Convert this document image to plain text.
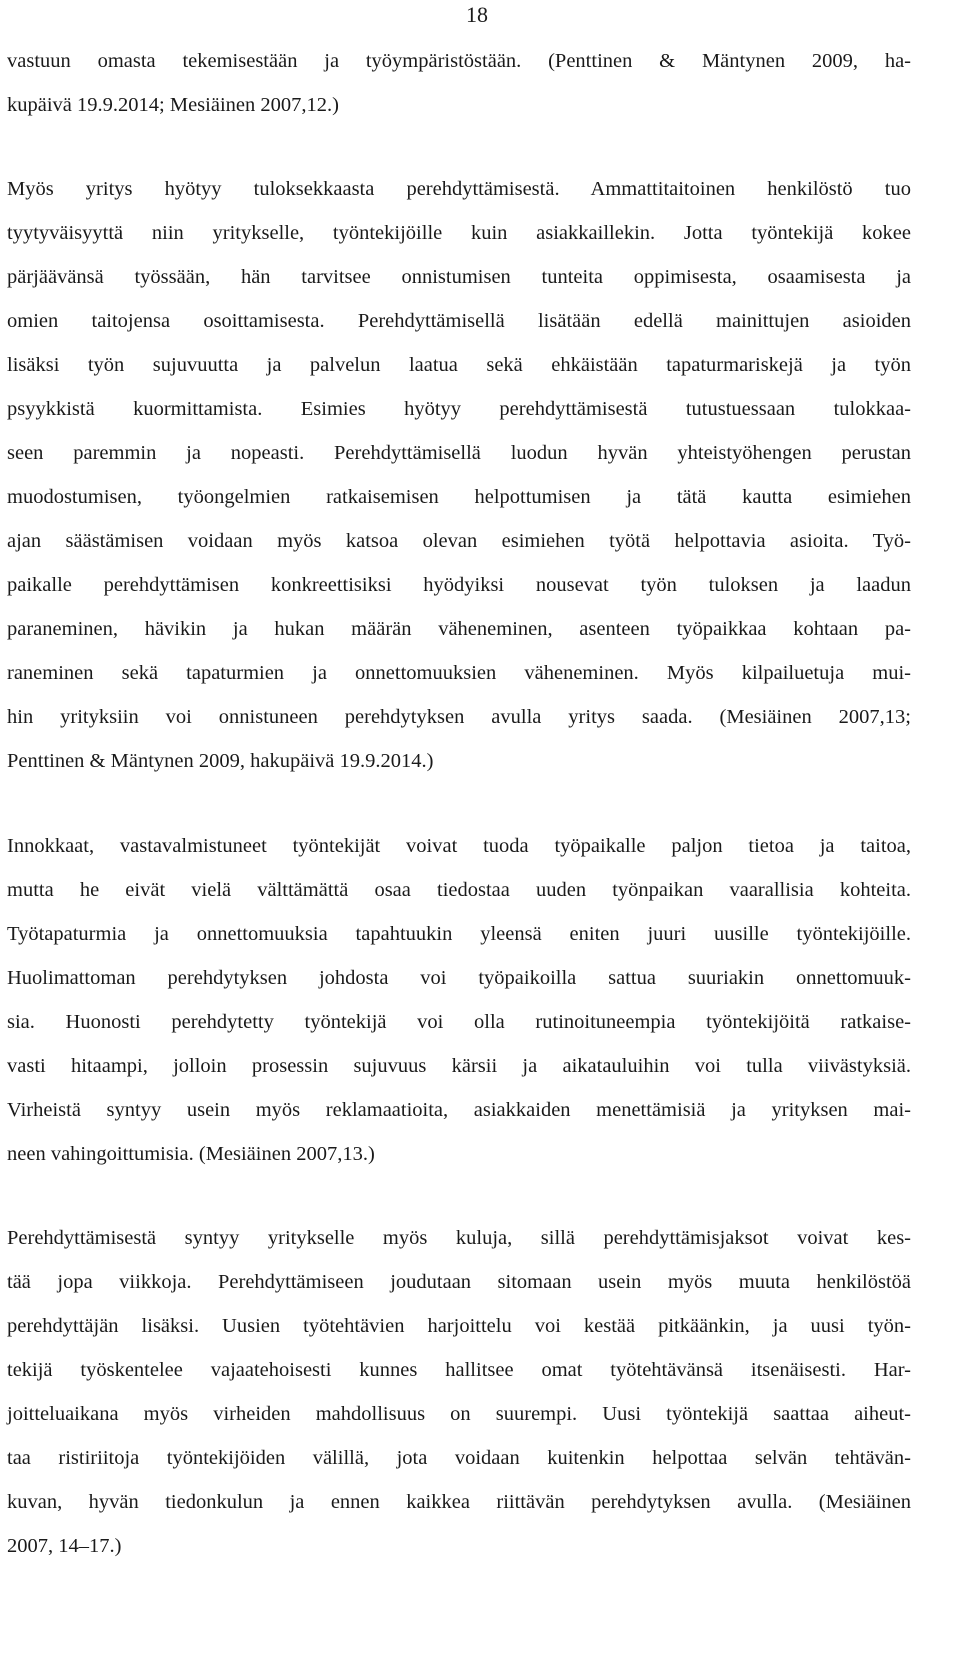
18
vastuun omasta tekemisestään ja työympäristöstään. (Penttinen & Mäntynen 2009, ha-
kupäivä 19.9.2014; Mesiäinen 2007,12.)
Myös yritys hyötyy tuloksekkaasta perehdyttämisestä. Ammattitaitoinen henkilöstö tuo
tyytyväisyyttä niin yritykselle, työntekijöille kuin asiakkaillekin. Jotta työntekijä kokee
pärjäävänsä työssään, hän tarvitsee onnistumisen tunteita oppimisesta, osaamisesta ja
omien taitojensa osoittamisesta. Perehdyttämisellä lisätään edellä mainittujen asioiden
lisäksi työn sujuvuutta ja palvelun laatua sekä ehkäistään tapaturmariskejä ja työn
psyykkistä kuormittamista. Esimies hyötyy perehdyttämisestä tutustuessaan tulokkaa-
seen paremmin ja nopeasti. Perehdyttämisellä luodun hyvän yhteistyöhengen perustan
muodostumisen, työongelmien ratkaisemisen helpottumisen ja tätä kautta esimiehen
ajan säästämisen voidaan myös katsoa olevan esimiehen työtä helpottavia asioita. Työ-
paikalle perehdyttämisen konkreettisiksi hyödyiksi nousevat työn tuloksen ja laadun
paraneminen, hävikin ja hukan määrän väheneminen, asenteen työpaikkaa kohtaan pa-
raneminen sekä tapaturmien ja onnettomuuksien väheneminen. Myös kilpailuetuja mui-
hin yrityksiin voi onnistuneen perehdytyksen avulla yritys saada. (Mesiäinen 2007,13;
Penttinen & Mäntynen 2009, hakupäivä 19.9.2014.)
Innokkaat, vastavalmistuneet työntekijät voivat tuoda työpaikalle paljon tietoa ja taitoa,
mutta he eivät vielä välttämättä osaa tiedostaa uuden työnpaikan vaarallisia kohteita.
Työtapaturmia ja onnettomuuksia tapahtuukin yleensä eniten juuri uusille työntekijöille.
Huolimattoman perehdytyksen johdosta voi työpaikoilla sattua suuriakin onnettomuuk-
sia. Huonosti perehdytetty työntekijä voi olla rutinoituneempia työntekijöitä ratkaise-
vasti hitaampi, jolloin prosessin sujuvuus kärsii ja aikatauluihin voi tulla viivästyksiä.
Virheistä syntyy usein myös reklamaatioita, asiakkaiden menettämisiä ja yrityksen mai-
neen vahingoittumisia. (Mesiäinen 2007,13.)
Perehdyttämisestä syntyy yritykselle myös kuluja, sillä perehdyttämisjaksot voivat kes-
tää jopa viikkoja. Perehdyttämiseen joudutaan sitomaan usein myös muuta henkilöstöä
perehdyttäjän lisäksi. Uusien työtehtävien harjoittelu voi kestää pitkäänkin, ja uusi työn-
tekijä työskentelee vajaatehoisesti kunnes hallitsee omat työtehtävänsä itsenäisesti. Har-
joitteluaikana myös virheiden mahdollisuus on suurempi. Uusi työntekijä saattaa aiheut-
taa ristiriitoja työntekijöiden välillä, jota voidaan kuitenkin helpottaa selvän tehtävän-
kuvan, hyvän tiedonkulun ja ennen kaikkea riittävän perehdytyksen avulla. (Mesiäinen
2007, 14–17.)
